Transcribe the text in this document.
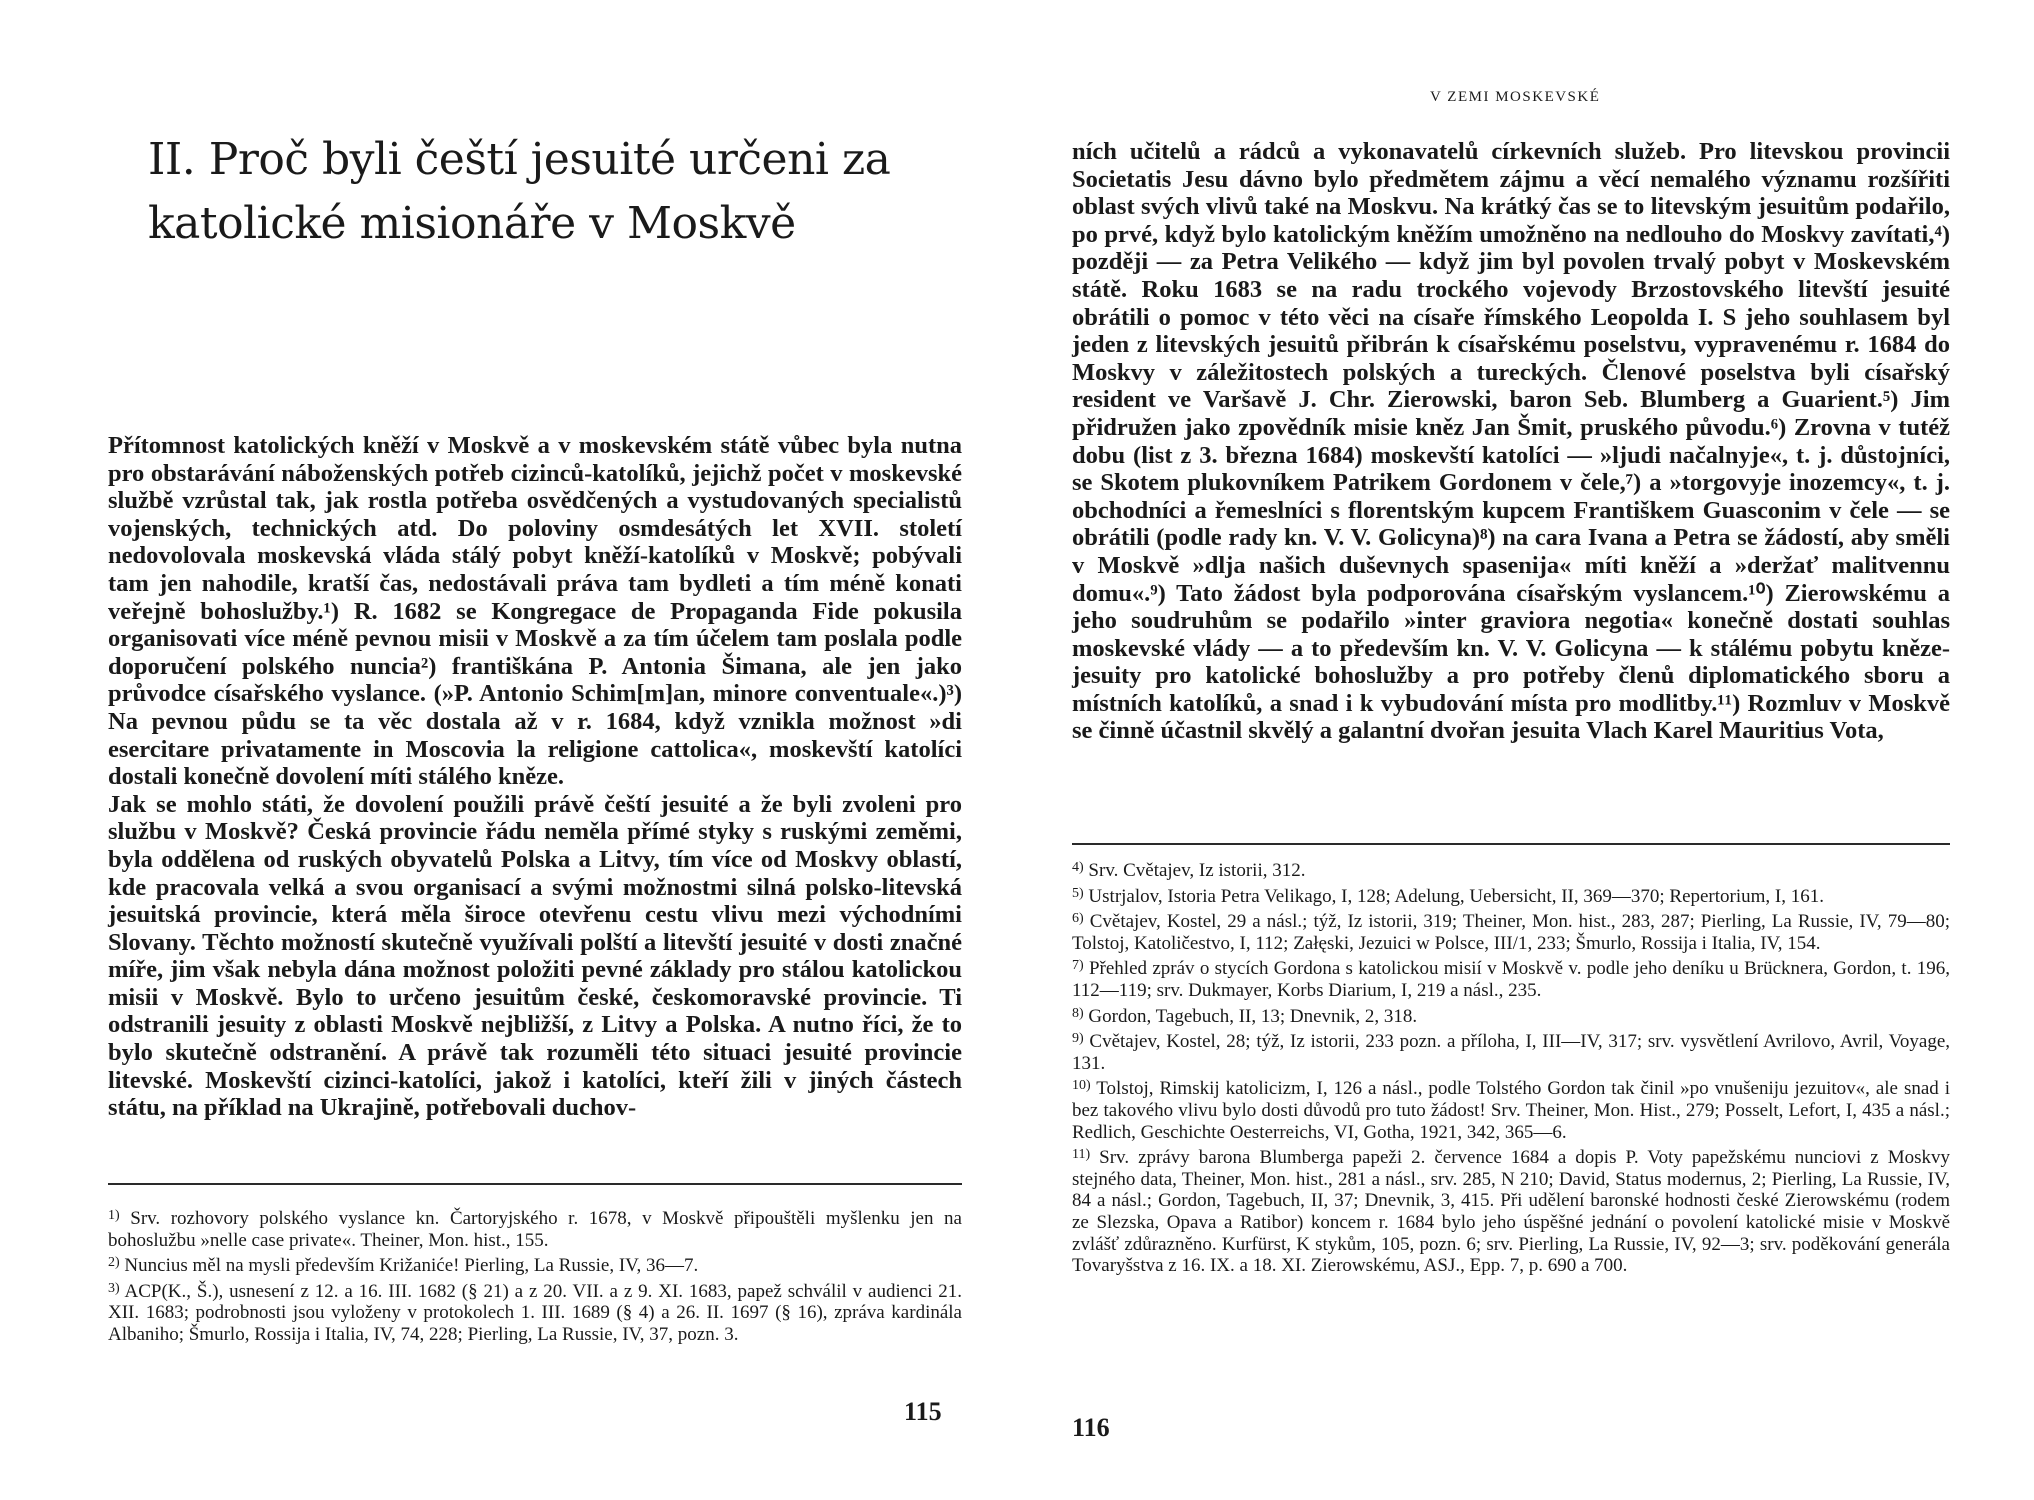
II. Proč byli čeští jesuité určeni za katolické misionáře v Moskvě

Přítomnost katolických kněží v Moskvě a v moskevském státě vůbec byla nutna pro obstarávání náboženských potřeb cizinců-katolíků, jejichž počet v moskevské službě vzrůstal tak, jak rostla potřeba osvědčených a vystudovaných specialistů vojenských, technických atd. Do poloviny osmdesátých let XVII. století nedovolovala moskevská vláda stálý pobyt kněží-katolíků v Moskvě; pobývali tam jen nahodile, kratší čas, nedostávali práva tam bydleti a tím méně konati veřejně bohoslužby.¹) R. 1682 se Kongregace de Propaganda Fide pokusila organisovati více méně pevnou misii v Moskvě a za tím účelem tam poslala podle doporučení polského nuncia²) františkána P. Antonia Šimana, ale jen jako průvodce císařského vyslance. (»P. Antonio Schim[m]an, minore conventuale«.)³) Na pevnou půdu se ta věc dostala až v r. 1684, když vznikla možnost »di esercitare privatamente in Moscovia la religione cattolica«, moskevští katolíci dostali konečně dovolení míti stálého kněze.

Jak se mohlo státi, že dovolení použili právě čeští jesuité a že byli zvoleni pro službu v Moskvě? Česká provincie řádu neměla přímé styky s ruskými zeměmi, byla oddělena od ruských obyvatelů Polska a Litvy, tím více od Moskvy oblastí, kde pracovala velká a svou organisací a svými možnostmi silná polsko-litevská jesuitská provincie, která měla široce otevřenu cestu vlivu mezi východními Slovany. Těchto možností skutečně využívali polští a litevští jesuité v dosti značné míře, jim však nebyla dána možnost položiti pevné základy pro stálou katolickou misii v Moskvě. Bylo to určeno jesuitům české, českomoravské provincie. Ti odstranili jesuity z oblasti Moskvě nejbližší, z Litvy a Polska. A nutno říci, že to bylo skutečně odstranění. A právě tak rozuměli této situaci jesuité provincie litevské. Moskevští cizinci-katolíci, jakož i katolíci, kteří žili v jiných částech státu, na příklad na Ukrajině, potřebovali duchov-

$^{1)}$ Srv. rozhovory polského vyslance kn. Čartoryjského r. 1678, v Moskvě připouštěli myšlenku jen na bohoslužbu »nelle case private«. Theiner, Mon. hist., 155.

$^{2)}$ Nuncius měl na mysli především Križaniće! Pierling, La Russie, IV, 36—7.

$^{3)}$ ACP(K., Š.), usnesení z 12. a 16. III. 1682 (§ 21) a z 20. VII. a z 9. XI. 1683, papež schválil v audienci 21. XII. 1683; podrobnosti jsou vyloženy v protokolech 1. III. 1689 (§ 4) a 26. II. 1697 (§ 16), zpráva kardinála Albaniho; Šmurlo, Rossija i Italia, IV, 74, 228; Pierling, La Russie, IV, 37, pozn. 3.

115
V ZEMI MOSKEVSKÉ

ních učitelů a rádců a vykonavatelů církevních služeb. Pro litevskou provincii Societatis Jesu dávno bylo předmětem zájmu a věcí nemalého významu rozšířiti oblast svých vlivů také na Moskvu. Na krátký čas se to litevským jesuitům podařilo, po prvé, když bylo katolickým kněžím umožněno na nedlouho do Moskvy zavítati,⁴) později — za Petra Velikého — když jim byl povolen trvalý pobyt v Moskevském státě. Roku 1683 se na radu trockého vojevody Brzostovského litevští jesuité obrátili o pomoc v této věci na císaře římského Leopolda I. S jeho souhlasem byl jeden z litevských jesuitů přibrán k císařskému poselstvu, vypravenému r. 1684 do Moskvy v záležitostech polských a tureckých. Členové poselstva byli císařský resident ve Varšavě J. Chr. Zierowski, baron Seb. Blumberg a Guarient.⁵) Jim přidružen jako zpovědník misie kněz Jan Šmit, pruského původu.⁶) Zrovna v tutéž dobu (list z 3. března 1684) moskevští katolíci — »ljudi načalnyje«, t. j. důstojníci, se Skotem plukovníkem Patrikem Gordonem v čele,⁷) a »torgovyje inozemcy«, t. j. obchodníci a řemeslníci s florentským kupcem Františkem Guasconim v čele — se obrátili (podle rady kn. V. V. Golicyna)⁸) na cara Ivana a Petra se žádostí, aby směli v Moskvě »dlja našich duševnych spasenija« míti kněží a »deržať malitvennu domu«.⁹) Tato žádost byla podporována císařským vyslancem.¹⁰) Zierowskému a jeho soudruhům se podařilo »inter graviora negotia« konečně dostati souhlas moskevské vlády — a to především kn. V. V. Golicyna — k stálému pobytu kněze-jesuity pro katolické bohoslužby a pro potřeby členů diplomatického sboru a místních katolíků, a snad i k vybudování místa pro modlitby.¹¹) Rozmluv v Moskvě se činně účastnil skvělý a galantní dvořan jesuita Vlach Karel Mauritius Vota,

$^{4)}$ Srv. Cvětajev, Iz istorii, 312.

$^{5)}$ Ustrjalov, Istoria Petra Velikago, I, 128; Adelung, Uebersicht, II, 369—370; Repertorium, I, 161.

$^{6)}$ Cvětajev, Kostel, 29 a násl.; týž, Iz istorii, 319; Theiner, Mon. hist., 283, 287; Pierling, La Russie, IV, 79—80; Tolstoj, Katoličestvo, I, 112; Załęski, Jezuici w Polsce, III/1, 233; Šmurlo, Rossija i Italia, IV, 154.

$^{7)}$ Přehled zpráv o stycích Gordona s katolickou misií v Moskvě v. podle jeho deníku u Brücknera, Gordon, t. 196, 112—119; srv. Dukmayer, Korbs Diarium, I, 219 a násl., 235.

$^{8)}$ Gordon, Tagebuch, II, 13; Dnevnik, 2, 318.

$^{9)}$ Cvětajev, Kostel, 28; týž, Iz istorii, 233 pozn. a příloha, I, III—IV, 317; srv. vysvětlení Avrilovo, Avril, Voyage, 131.

$^{10)}$ Tolstoj, Rimskij katolicizm, I, 126 a násl., podle Tolstého Gordon tak činil »po vnušeniju jezuitov«, ale snad i bez takového vlivu bylo dosti důvodů pro tuto žádost! Srv. Theiner, Mon. Hist., 279; Posselt, Lefort, I, 435 a násl.; Redlich, Geschichte Oesterreichs, VI, Gotha, 1921, 342, 365—6.

$^{11)}$ Srv. zprávy barona Blumberga papeži 2. července 1684 a dopis P. Voty papežskému nunciovi z Moskvy stejného data, Theiner, Mon. hist., 281 a násl., srv. 285, N 210; David, Status modernus, 2; Pierling, La Russie, IV, 84 a násl.; Gordon, Tagebuch, II, 37; Dnevnik, 3, 415. Při udělení baronské hodnosti české Zierowskému (rodem ze Slezska, Opava a Ratibor) koncem r. 1684 bylo jeho úspěšné jednání o povolení katolické misie v Moskvě zvlášť zdůrazněno. Kurfürst, K stykům, 105, pozn. 6; srv. Pierling, La Russie, IV, 92—3; srv. poděkování generála Tovaryšstva z 16. IX. a 18. XI. Zierowskému, ASJ., Epp. 7, p. 690 a 700.

116
